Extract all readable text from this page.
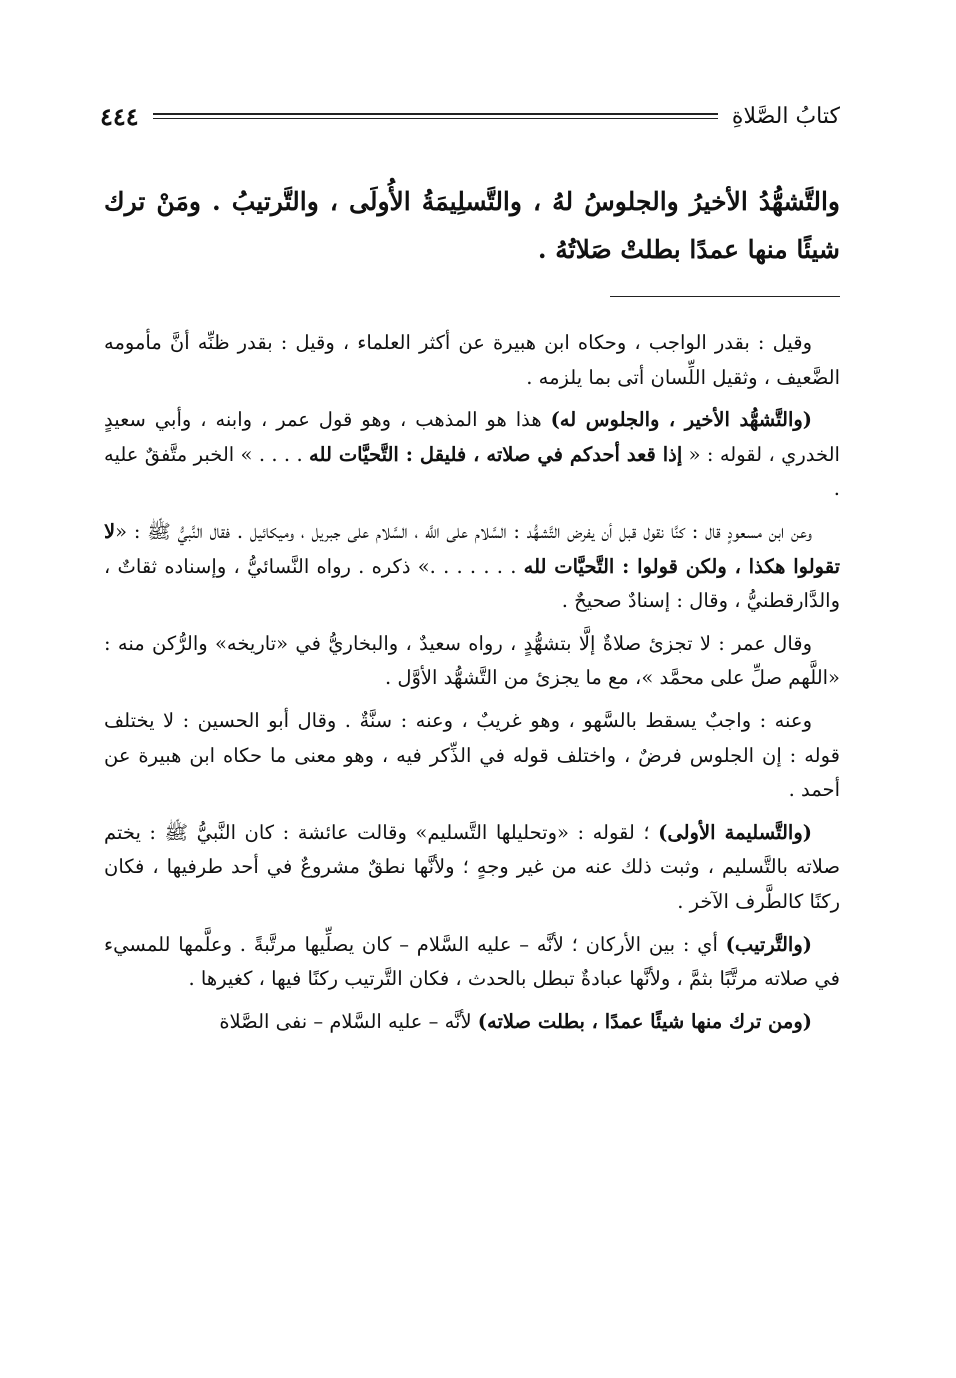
٤٤٤	كتابُ الصَّلاةِ
والتَّشهُّدُ الأخيرُ والجلوسُ لهُ ، والتَّسلِيمَةُ الأُولَى ، والتَّرتيبُ . ومَنْ ترك شيئًا منها عمدًا بطلتْ صَلاتُهُ .

وقيل : بقدر الواجب ، وحكاه ابن هبيرة عن أكثر العلماء ، وقيل : بقدر ظنِّه أنَّ مأمومه الضَّعيف ، وثقيل اللِّسان أتى بما يلزمه .

(والتَّشهُّد الأخير ، والجلوس له) هذا هو المذهب ، وهو قول عمر ، وابنه ، وأبي سعيدٍ الخدري ، لقوله : « إذا قعد أحدكم في صلاته ، فليقل : التَّحيَّات لله . . . . » الخبر متَّفقٌ عليه .

وعن ابن مسعودٍ قال : كنَّا نقول قبل أن يفرض التَّشهُّد : السَّلام على اللَّه ، السَّلام على جبريل ، وميكائيل . فقال النَّبيُّ ﷺ : «لا تقولوا هكذا ، ولكن قولوا : التَّحيَّات لله . . . . . . .» ذكره . رواه النَّسائيُّ ، وإسناده ثقاتٌ ، والدَّارقطنيُّ ، وقال : إسنادٌ صحيحٌ .

وقال عمر : لا تجزئ صلاةٌ إلَّا بتشهُّدٍ ، رواه سعيدٌ ، والبخاريُّ في «تاريخه» والرُّكن منه : «اللَّهم صلِّ على محمَّد »، مع ما يجزئ من التَّشهُّد الأوَّل .

وعنه : واجبٌ يسقط بالسَّهو ، وهو غريبٌ ، وعنه : سنَّةٌ . وقال أبو الحسين : لا يختلف قوله : إن الجلوس فرضٌ ، واختلف قوله في الذِّكر فيه ، وهو معنى ما حكاه ابن هبيرة عن أحمد .

(والتَّسليمة الأولى) ؛ لقوله : «وتحليلها التَّسليم» وقالت عائشة : كان النَّبيُّ ﷺ : يختم صلاته بالتَّسليم ، وثبت ذلك عنه من غير وجهٍ ؛ ولأنَّها نطقٌ مشروعٌ في أحد طرفيها ، فكان ركنًا كالطَّرف الآخر .

(والتَّرتيب) أي : بين الأركان ؛ لأنَّه – عليه السَّلام – كان يصلِّيها مرتَّبةً . وعلَّمها للمسيء في صلاته مرتَّبًا بثمَّ ، ولأنَّها عبادةٌ تبطل بالحدث ، فكان التَّرتيب ركنًا فيها ، كغيرها .

(ومن ترك منها شيئًا عمدًا ، بطلت صلاته) لأنَّه – عليه السَّلام – نفى الصَّلاة
